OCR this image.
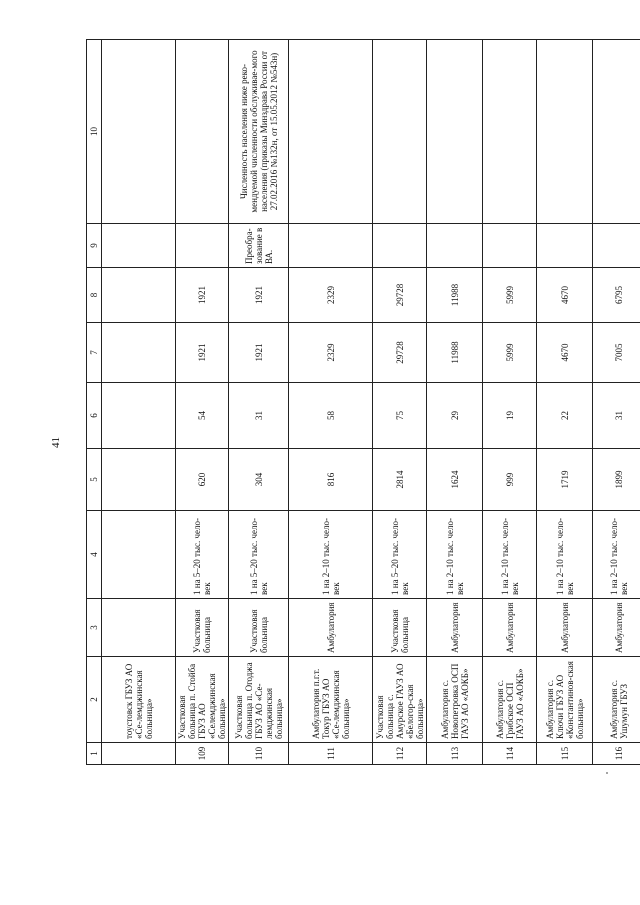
41
1	2	3	4	5	6	7	8	9	10
	тоустовск ГБУЗ АО «Се-лемджинская больница»								
109	Участковая больница п. Стойба ГБУЗ АО «Селемджинская больница»	Участковая больница	1 на 5–20 тыс. чело-век	620	54	1921	1921		
110	Участковая больница п. Огоджа ГБУЗ АО «Се-лемджинская больница»	Участковая больница	1 на 5–20 тыс. чело-век	304	31	1921	1921	Преобра-зование в ВА.	Численность населения ниже реко-мендуемой численности обслуживае-мого населения (приказы Минздрава России от 27.02.2016 №132н, от 15.05.2012 №543н)
111	Амбулатория п.г.т. Токур ГБУЗ АО «Се-лемджинская больница»	Амбулатория	1 на 2–10 тыс. чело-век	816	58	2329	2329		
112	Участковая больница с. Амурское ГАУЗ АО «Белогор-ская больница»	Участковая больница	1 на 5–20 тыс. чело-век	2814	75	29728	29728		
113	Амбулатория с. Новопетровка ОСП ГАУЗ АО «АОКБ»	Амбулатория	1 на 2–10 тыс. чело-век	1624	29	11988	11988		
114	Амбулатория с. Грибское ОСП ГАУЗ АО «АОКБ»	Амбулатория	1 на 2–10 тыс. чело-век	999	19	5999	5999		
115	Амбулатория с. Ключи ГБУЗ АО «Константинов-ская больница»	Амбулатория	1 на 2–10 тыс. чело-век	1719	22	4670	4670		
116	Амбулатория с. Ушумун ГБУЗ	Амбулатория	1 на 2–10 тыс. чело-век	1899	31	7005	6795		
